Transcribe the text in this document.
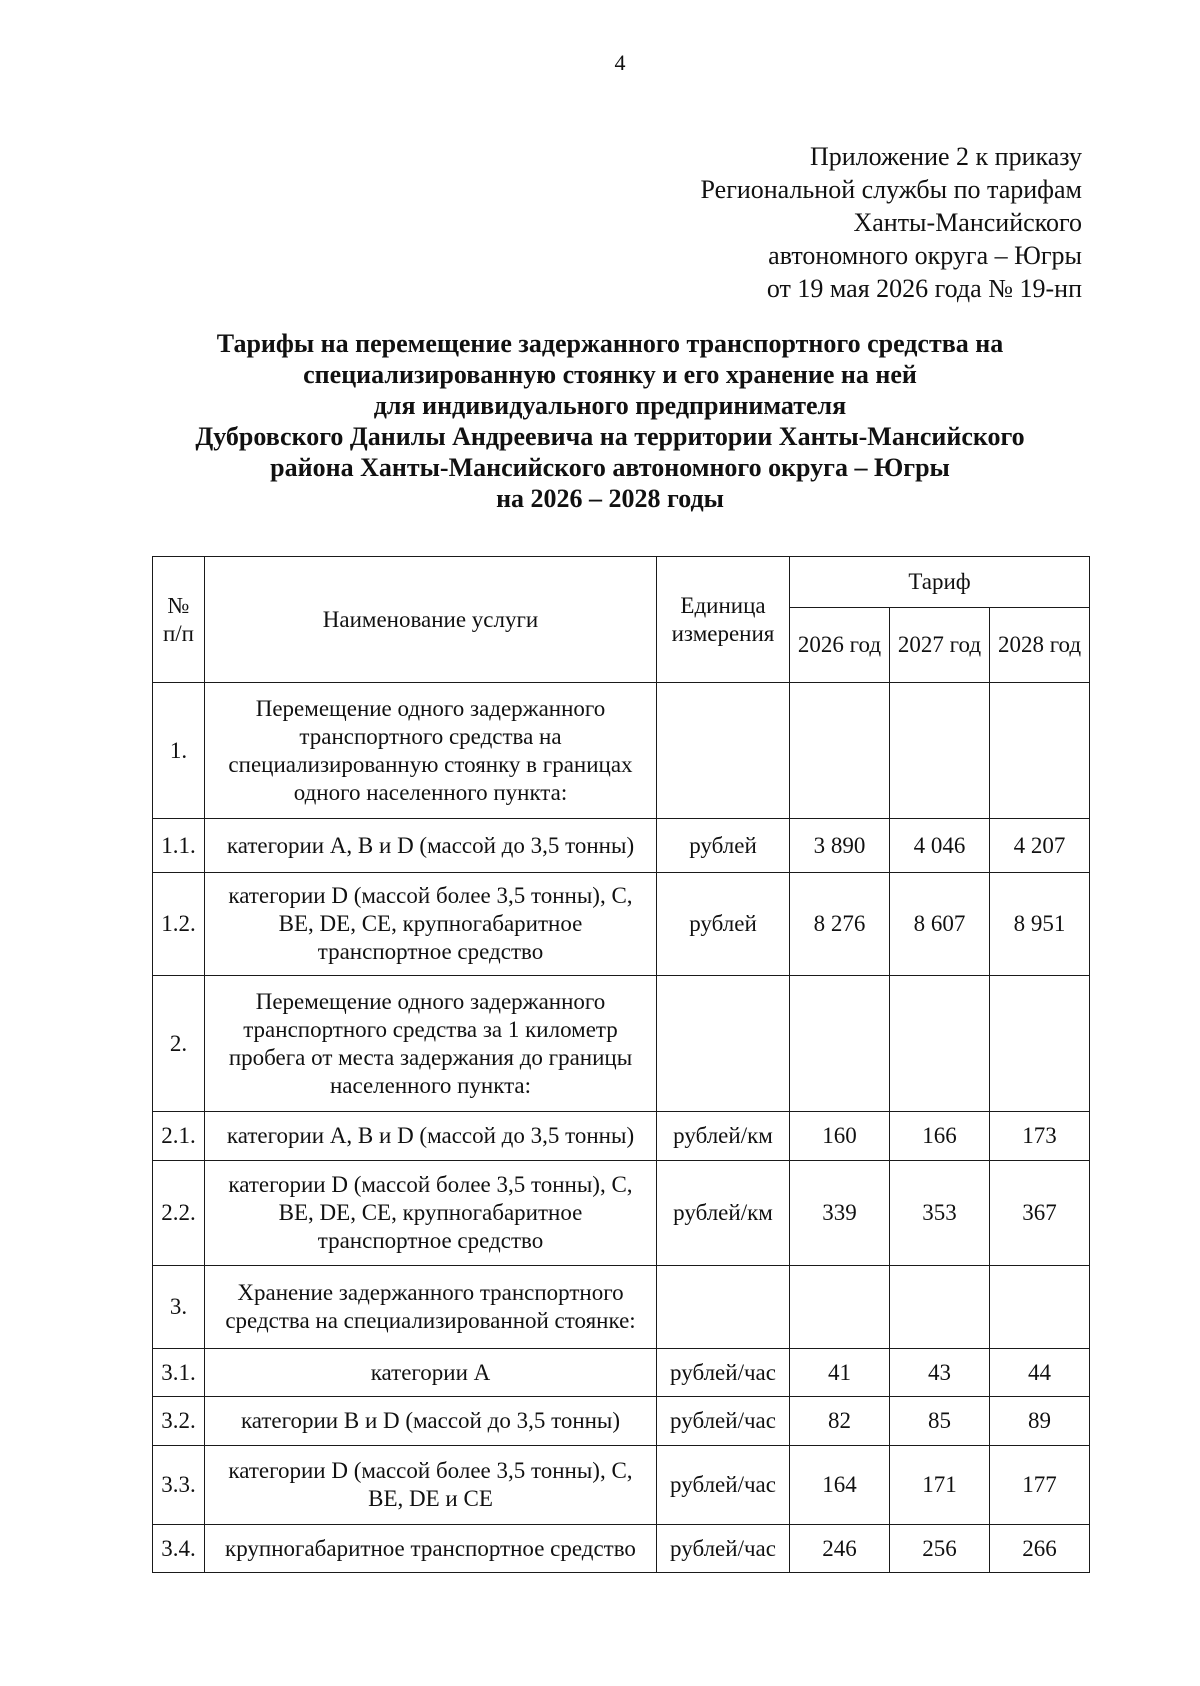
4
Приложение 2 к приказу
Региональной службы по тарифам
Ханты-Мансийского
автономного округа – Югры
от 19 мая 2026 года № 19-нп
Тарифы на перемещение задержанного транспортного средства на
специализированную стоянку и его хранение на ней
для индивидуального предпринимателя
Дубровского Данилы Андреевича на территории Ханты-Мансийского
района Ханты-Мансийского автономного округа – Югры
на 2026 – 2028 годы
№ п/п	Наименование услуги	Единица измерения	Тариф		
			2026 год	2027 год	2028 год
1.	Перемещение одного задержанного транспортного средства на специализированную стоянку в границах одного населенного пункта:				
1.1.	категории А, В и D (массой до 3,5 тонны)	рублей	3 890	4 046	4 207
1.2.	категории D (массой более 3,5 тонны), С, ВЕ, DE, CE, крупногабаритное транспортное средство	рублей	8 276	8 607	8 951
2.	Перемещение одного задержанного транспортного средства за 1 километр пробега от места задержания до границы населенного пункта:				
2.1.	категории А, В и D (массой до 3,5 тонны)	рублей/км	160	166	173
2.2.	категории D (массой более 3,5 тонны), С, ВЕ, DE, CE, крупногабаритное транспортное средство	рублей/км	339	353	367
3.	Хранение задержанного транспортного средства на специализированной стоянке:				
3.1.	категории А	рублей/час	41	43	44
3.2.	категории В и D (массой до 3,5 тонны)	рублей/час	82	85	89
3.3.	категории D (массой более 3,5 тонны), С, ВЕ, DE и CE	рублей/час	164	171	177
3.4.	крупногабаритное транспортное средство	рублей/час	246	256	266
